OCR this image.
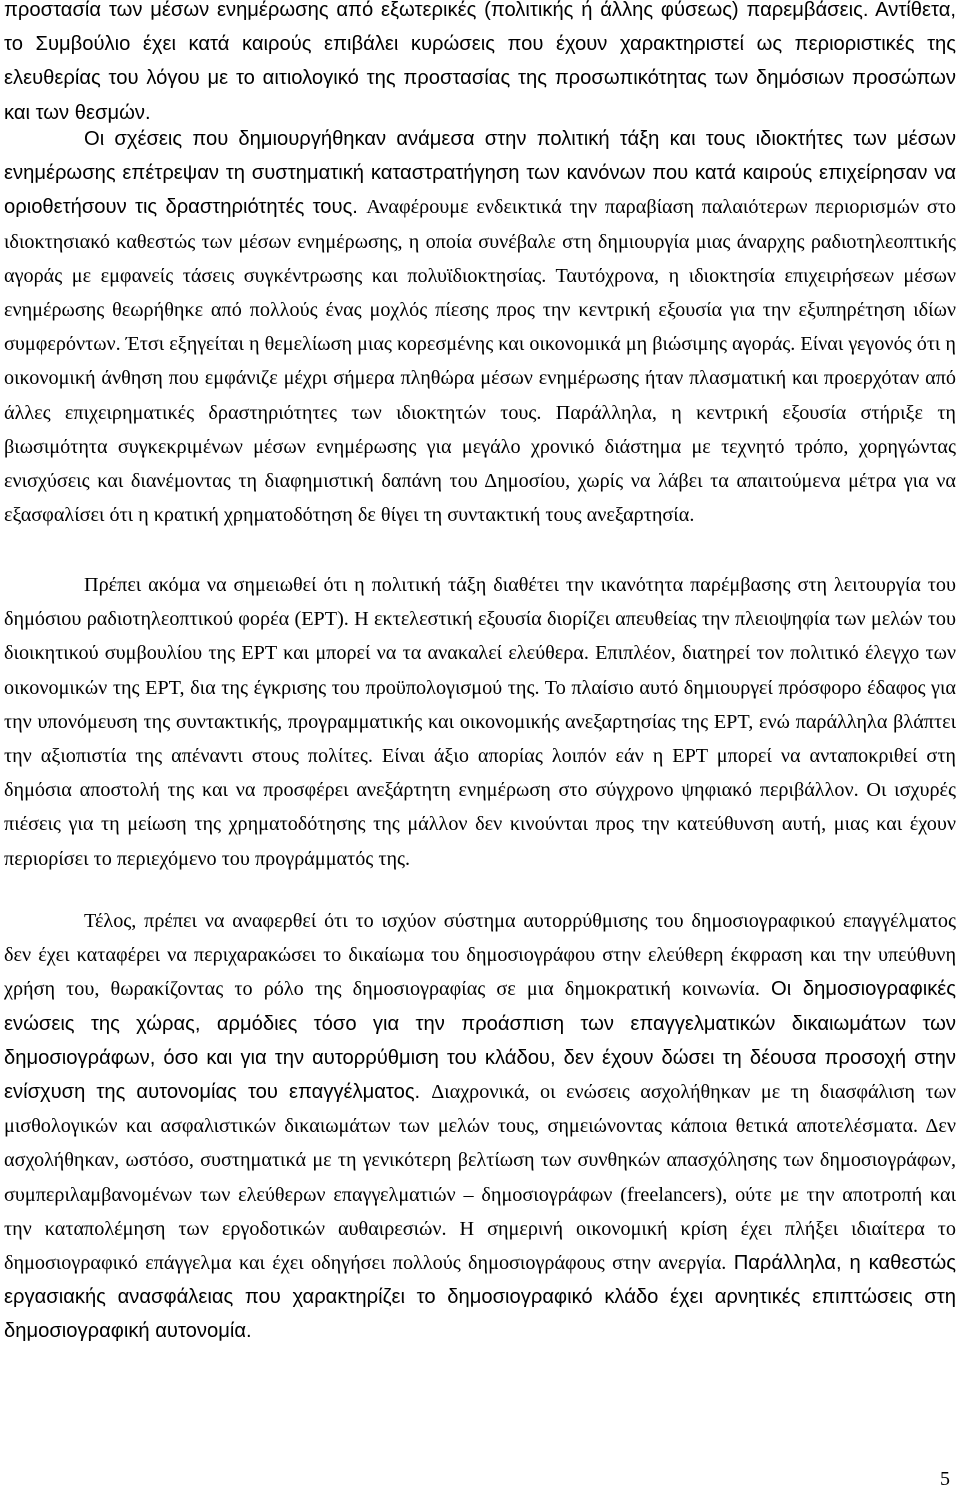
προστασία των μέσων ενημέρωσης από εξωτερικές (πολιτικής ή άλλης φύσεως) παρεμβάσεις. Αντίθετα, το Συμβούλιο έχει κατά καιρούς επιβάλει κυρώσεις που έχουν χαρακτηριστεί ως περιοριστικές της ελευθερίας του λόγου με το αιτιολογικό της προστασίας της προσωπικότητας των δημόσιων προσώπων και των θεσμών.

Οι σχέσεις που δημιουργήθηκαν ανάμεσα στην πολιτική τάξη και τους ιδιοκτήτες των μέσων ενημέρωσης επέτρεψαν τη συστηματική καταστρατήγηση των κανόνων που κατά καιρούς επιχείρησαν να οριοθετήσουν τις δραστηριότητές τους. Αναφέρουμε ενδεικτικά την παραβίαση παλαιότερων περιορισμών στο ιδιοκτησιακό καθεστώς των μέσων ενημέρωσης, η οποία συνέβαλε στη δημιουργία μιας άναρχης ραδιοτηλεοπτικής αγοράς με εμφανείς τάσεις συγκέντρωσης και πολυϊδιοκτησίας. Ταυτόχρονα, η ιδιοκτησία επιχειρήσεων μέσων ενημέρωσης θεωρήθηκε από πολλούς ένας μοχλός πίεσης προς την κεντρική εξουσία για την εξυπηρέτηση ιδίων συμφερόντων. Έτσι εξηγείται η θεμελίωση μιας κορεσμένης και οικονομικά μη βιώσιμης αγοράς. Είναι γεγονός ότι η οικονομική άνθηση που εμφάνιζε μέχρι σήμερα πληθώρα μέσων ενημέρωσης ήταν πλασματική και προερχόταν από άλλες επιχειρηματικές δραστηριότητες των ιδιοκτητών τους. Παράλληλα, η κεντρική εξουσία στήριξε τη βιωσιμότητα συγκεκριμένων μέσων ενημέρωσης για μεγάλο χρονικό διάστημα με τεχνητό τρόπο, χορηγώντας ενισχύσεις και διανέμοντας τη διαφημιστική δαπάνη του Δημοσίου, χωρίς να λάβει τα απαιτούμενα μέτρα για να εξασφαλίσει ότι η κρατική χρηματοδότηση δε θίγει τη συντακτική τους ανεξαρτησία.

Πρέπει ακόμα να σημειωθεί ότι η πολιτική τάξη διαθέτει την ικανότητα παρέμβασης στη λειτουργία του δημόσιου ραδιοτηλεοπτικού φορέα (ΕΡΤ). Η εκτελεστική εξουσία διορίζει απευθείας την πλειοψηφία των μελών του διοικητικού συμβουλίου της ΕΡΤ και μπορεί να τα ανακαλεί ελεύθερα. Επιπλέον, διατηρεί τον πολιτικό έλεγχο των οικονομικών της ΕΡΤ, δια της έγκρισης του προϋπολογισμού της. Το πλαίσιο αυτό δημιουργεί πρόσφορο έδαφος για την υπονόμευση της συντακτικής, προγραμματικής και οικονομικής ανεξαρτησίας της ΕΡΤ, ενώ παράλληλα βλάπτει την αξιοπιστία της απέναντι στους πολίτες. Είναι άξιο απορίας λοιπόν εάν η ΕΡΤ μπορεί να ανταποκριθεί στη δημόσια αποστολή της και να προσφέρει ανεξάρτητη ενημέρωση στο σύγχρονο ψηφιακό περιβάλλον. Οι ισχυρές πιέσεις για τη μείωση της χρηματοδότησης της μάλλον δεν κινούνται προς την κατεύθυνση αυτή, μιας και έχουν περιορίσει το περιεχόμενο του προγράμματός της.

Τέλος, πρέπει να αναφερθεί ότι το ισχύον σύστημα αυτορρύθμισης του δημοσιογραφικού επαγγέλματος δεν έχει καταφέρει να περιχαρακώσει το δικαίωμα του δημοσιογράφου στην ελεύθερη έκφραση και την υπεύθυνη χρήση του, θωρακίζοντας το ρόλο της δημοσιογραφίας σε μια δημοκρατική κοινωνία. Οι δημοσιογραφικές ενώσεις της χώρας, αρμόδιες τόσο για την προάσπιση των επαγγελματικών δικαιωμάτων των δημοσιογράφων, όσο και για την αυτορρύθμιση του κλάδου, δεν έχουν δώσει τη δέουσα προσοχή στην ενίσχυση της αυτονομίας του επαγγέλματος. Διαχρονικά, οι ενώσεις ασχολήθηκαν με τη διασφάλιση των μισθολογικών και ασφαλιστικών δικαιωμάτων των μελών τους, σημειώνοντας κάποια θετικά αποτελέσματα. Δεν ασχολήθηκαν, ωστόσο, συστηματικά με τη γενικότερη βελτίωση των συνθηκών απασχόλησης των δημοσιογράφων, συμπεριλαμβανομένων των ελεύθερων επαγγελματιών – δημοσιογράφων (freelancers), ούτε με την αποτροπή και την καταπολέμηση των εργοδοτικών αυθαιρεσιών. Η σημερινή οικονομική κρίση έχει πλήξει ιδιαίτερα το δημοσιογραφικό επάγγελμα και έχει οδηγήσει πολλούς δημοσιογράφους στην ανεργία. Παράλληλα, η καθεστώς εργασιακής ανασφάλειας που χαρακτηρίζει το δημοσιογραφικό κλάδο έχει αρνητικές επιπτώσεις στη δημοσιογραφική αυτονομία.

5
